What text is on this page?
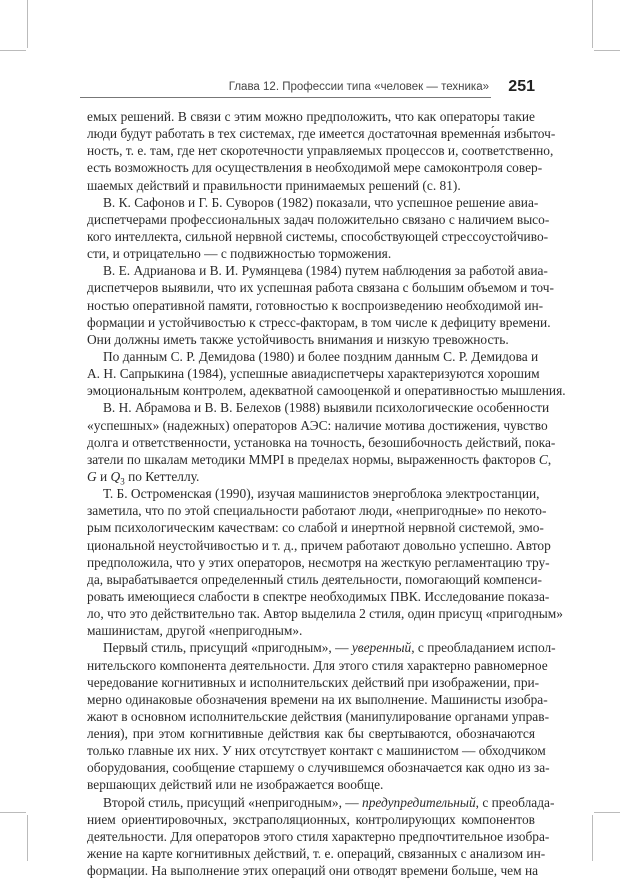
Глава 12. Профессии типа «человек — техника» 251
емых решений. В связи с этим можно предположить, что как операторы такие
люди будут работать в тех системах, где имеется достаточная временна́я избыточ-
ность, т. е. там, где нет скоротечности управляемых процессов и, соответственно,
есть возможность для осуществления в необходимой мере самоконтроля совер-
шаемых действий и правильности принимаемых решений (с. 81).
В. К. Сафонов и Г. Б. Суворов (1982) показали, что успешное решение авиа-
диспетчерами профессиональных задач положительно связано с наличием высо-
кого интеллекта, сильной нервной системы, способствующей стрессоустойчиво-
сти, и отрицательно — с подвижностью торможения.
В. Е. Адрианова и В. И. Румянцева (1984) путем наблюдения за работой авиа-
диспетчеров выявили, что их успешная работа связана с большим объемом и точ-
ностью оперативной памяти, готовностью к воспроизведению необходимой ин-
формации и устойчивостью к стресс-факторам, в том числе к дефициту времени.
Они должны иметь также устойчивость внимания и низкую тревожность.
По данным С. Р. Демидова (1980) и более поздним данным С. Р. Демидова и
А. Н. Сапрыкина (1984), успешные авиадиспетчеры характеризуются хорошим
эмоциональным контролем, адекватной самооценкой и оперативностью мышления.
В. Н. Абрамова и В. В. Белехов (1988) выявили психологические особенности
«успешных» (надежных) операторов АЭС: наличие мотива достижения, чувство
долга и ответственности, установка на точность, безошибочность действий, пока-
затели по шкалам методики MMPI в пределах нормы, выраженность факторов C,
G и $Q_3$ по Кеттеллу.
Т. Б. Остроменская (1990), изучая машинистов энергоблока электростанции,
заметила, что по этой специальности работают люди, «непригодные» по некото-
рым психологическим качествам: со слабой и инертной нервной системой, эмо-
циональной неустойчивостью и т. д., причем работают довольно успешно. Автор
предположила, что у этих операторов, несмотря на жесткую регламентацию тру-
да, вырабатывается определенный стиль деятельности, помогающий компенси-
ровать имеющиеся слабости в спектре необходимых ПВК. Исследование показа-
ло, что это действительно так. Автор выделила 2 стиля, один присущ «пригодным»
машинистам, другой «непригодным».
Первый стиль, присущий «пригодным», — уверенный, с преобладанием испол-
нительского компонента деятельности. Для этого стиля характерно равномерное
чередование когнитивных и исполнительских действий при изображении, при-
мерно одинаковые обозначения времени на их выполнение. Машинисты изобра-
жают в основном исполнительские действия (манипулирование органами управ-
ления), при этом когнитивные действия как бы свертываются, обозначаются
только главные их них. У них отсутствует контакт с машинистом — обходчиком
оборудования, сообщение старшему о случившемся обозначается как одно из за-
вершающих действий или не изображается вообще.
Второй стиль, присущий «непригодным», — предупредительный, с преоблада-
нием ориентировочных, экстраполяционных, контролирующих компонентов
деятельности. Для операторов этого стиля характерно предпочтительное изобра-
жение на карте когнитивных действий, т. е. операций, связанных с анализом ин-
формации. На выполнение этих операций они отводят времени больше, чем на
